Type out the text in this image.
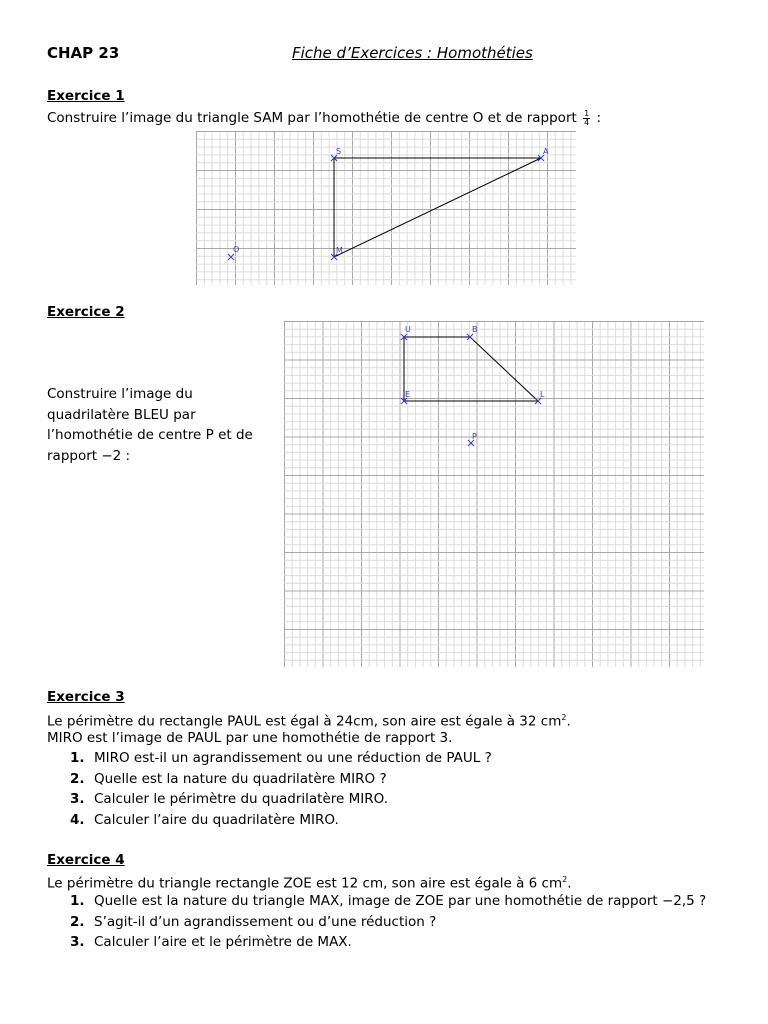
CHAP 23	Fiche d’Exercices : Homothéties
Exercice 1
Construire l’image du triangle SAM par l’homothétie de centre O et de rapport $\frac{1}{4}$ :
S	A
M
O
Exercice 2
Construire l’image du
quadrilatère BLEU par
l’homothétie de centre P et de
rapport −2 :
U	B
E	L
P
Exercice 3
Le périmètre du rectangle PAUL est égal à 24cm, son aire est égale à 32 $cm^2$.
MIRO est l’image de PAUL par une homothétie de rapport 3.
1. MIRO est-il un agrandissement ou une réduction de PAUL ?
2. Quelle est la nature du quadrilatère MIRO ?
3. Calculer le périmètre du quadrilatère MIRO.
4. Calculer l’aire du quadrilatère MIRO.
Exercice 4
Le périmètre du triangle rectangle ZOE est 12 cm, son aire est égale à 6 $cm^2$.
1. Quelle est la nature du triangle MAX, image de ZOE par une homothétie de rapport −2,5 ?
2. S’agit-il d’un agrandissement ou d’une réduction ?
3. Calculer l’aire et le périmètre de MAX.
